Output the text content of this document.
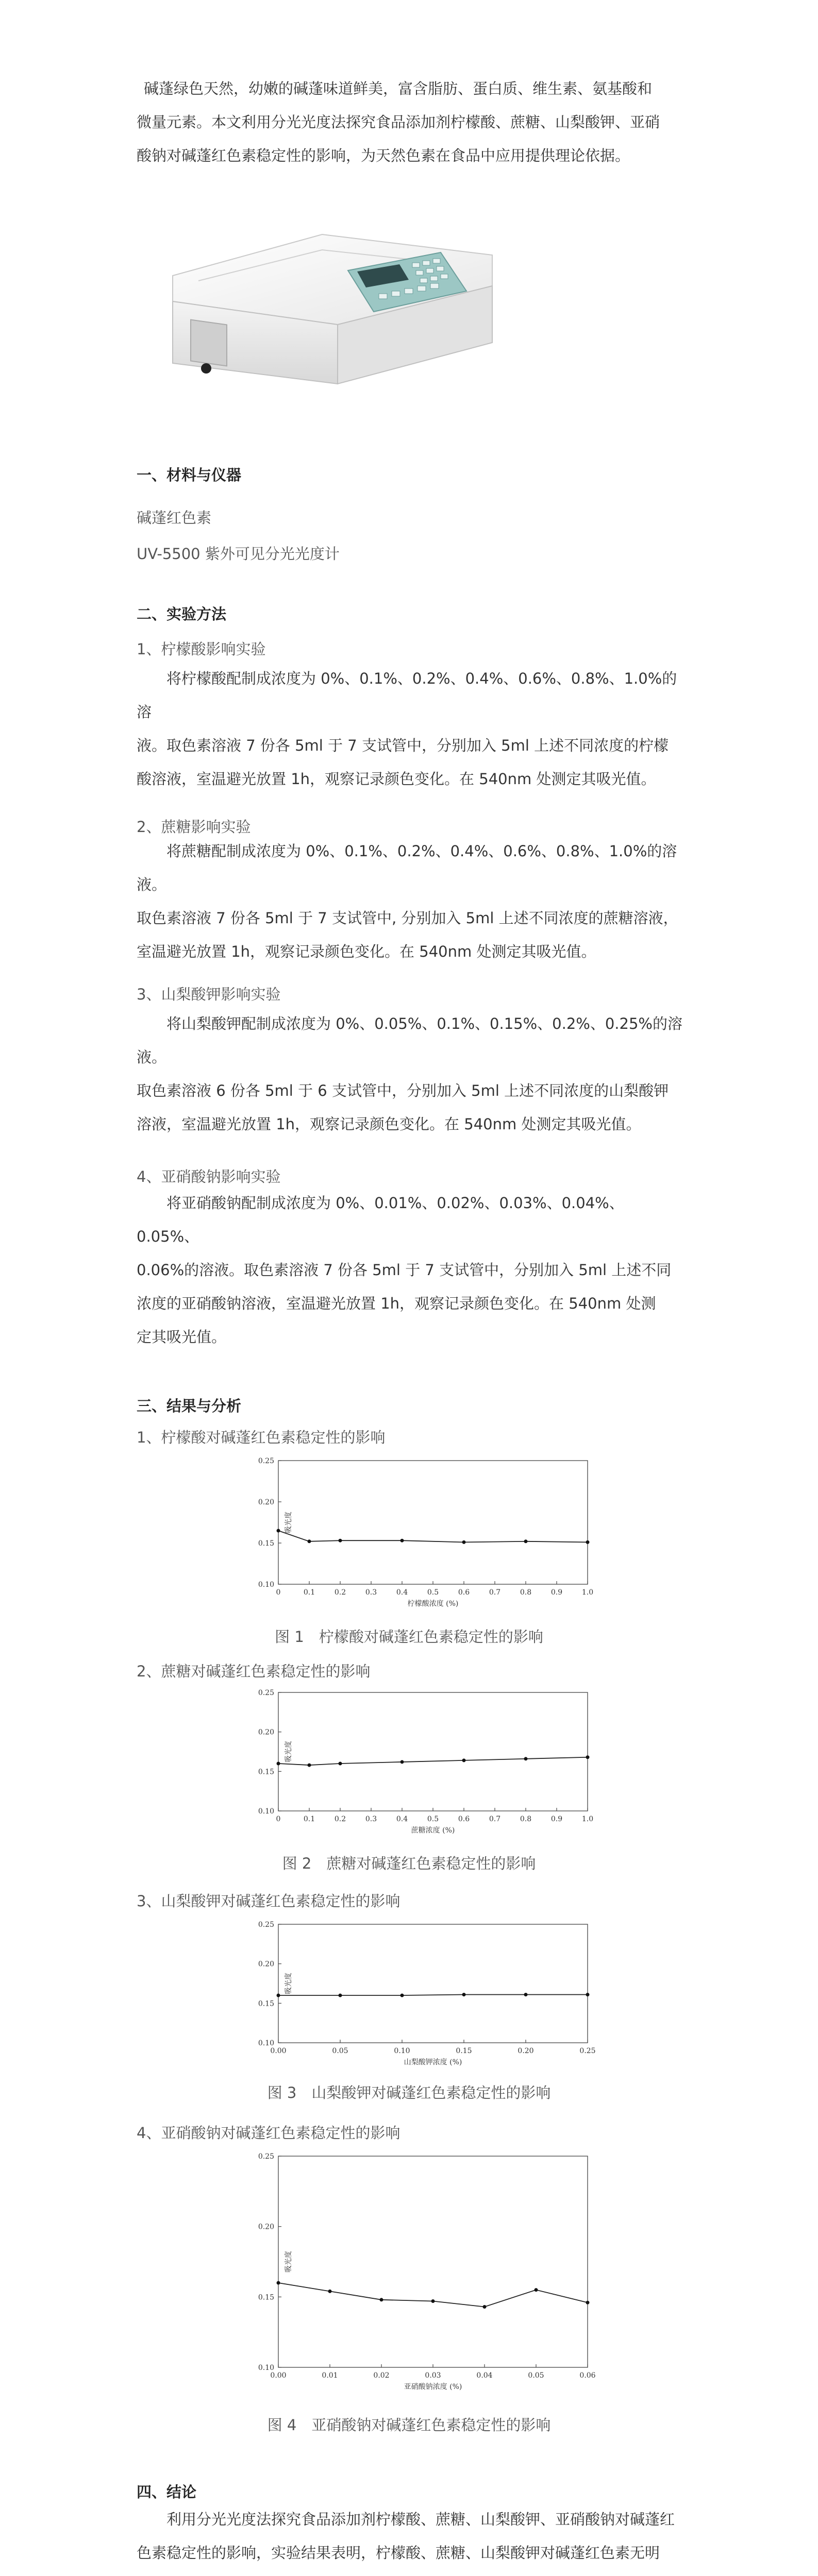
碱蓬绿色天然，幼嫩的碱蓬味道鲜美，富含脂肪、蛋白质、维生素、氨基酸和
微量元素。本文利用分光光度法探究食品添加剂柠檬酸、蔗糖、山梨酸钾、亚硝
酸钠对碱蓬红色素稳定性的影响，为天然色素在食品中应用提供理论依据。
一、材料与仪器
碱蓬红色素
UV-5500 紫外可见分光光度计
二、实验方法
1、柠檬酸影响实验
将柠檬酸配制成浓度为 0%、0.1%、0.2%、0.4%、0.6%、0.8%、1.0%的溶
液。取色素溶液 7 份各 5ml 于 7 支试管中，分别加入 5ml 上述不同浓度的柠檬
酸溶液，室温避光放置 1h，观察记录颜色变化。在 540nm 处测定其吸光值。
2、蔗糖影响实验
将蔗糖配制成浓度为 0%、0.1%、0.2%、0.4%、0.6%、0.8%、1.0%的溶液。
取色素溶液 7 份各 5ml 于 7 支试管中, 分别加入 5ml 上述不同浓度的蔗糖溶液，
室温避光放置 1h，观察记录颜色变化。在 540nm 处测定其吸光值。
3、山梨酸钾影响实验
将山梨酸钾配制成浓度为 0%、0.05%、0.1%、0.15%、0.2%、0.25%的溶液。
取色素溶液 6 份各 5ml 于 6 支试管中，分别加入 5ml 上述不同浓度的山梨酸钾
溶液，室温避光放置 1h，观察记录颜色变化。在 540nm 处测定其吸光值。
4、亚硝酸钠影响实验
将亚硝酸钠配制成浓度为 0%、0.01%、0.02%、0.03%、0.04%、0.05%、
0.06%的溶液。取色素溶液 7 份各 5ml 于 7 支试管中，分别加入 5ml 上述不同
浓度的亚硝酸钠溶液，室温避光放置 1h，观察记录颜色变化。在 540nm 处测
定其吸光值。
三、结果与分析
1、柠檬酸对碱蓬红色素稳定性的影响
0.10
0.15
0.20
0.25
0	0.1	0.2	0.3	0.4	0.5	0.6	0.7	0.8	0.9	1.0
柠檬酸浓度 (%)
吸光度
图 1　柠檬酸对碱蓬红色素稳定性的影响
2、蔗糖对碱蓬红色素稳定性的影响
0.10
0.15
0.20
0.25
0	0.1	0.2	0.3	0.4	0.5	0.6	0.7	0.8	0.9	1.0
蔗糖浓度 (%)
吸光度
图 2　蔗糖对碱蓬红色素稳定性的影响
3、山梨酸钾对碱蓬红色素稳定性的影响
0.10
0.15
0.20
0.25
0.00	0.05	0.10	0.15	0.20	0.25
山梨酸钾浓度 (%)
吸光度
图 3　山梨酸钾对碱蓬红色素稳定性的影响
4、亚硝酸钠对碱蓬红色素稳定性的影响
0.10
0.15
0.20
0.25
0.00	0.01	0.02	0.03	0.04	0.05	0.06
亚硝酸钠浓度 (%)
吸光度
图 4　亚硝酸钠对碱蓬红色素稳定性的影响
四、结论
利用分光光度法探究食品添加剂柠檬酸、蔗糖、山梨酸钾、亚硝酸钠对碱蓬红
色素稳定性的影响，实验结果表明，柠檬酸、蔗糖、山梨酸钾对碱蓬红色素无明
